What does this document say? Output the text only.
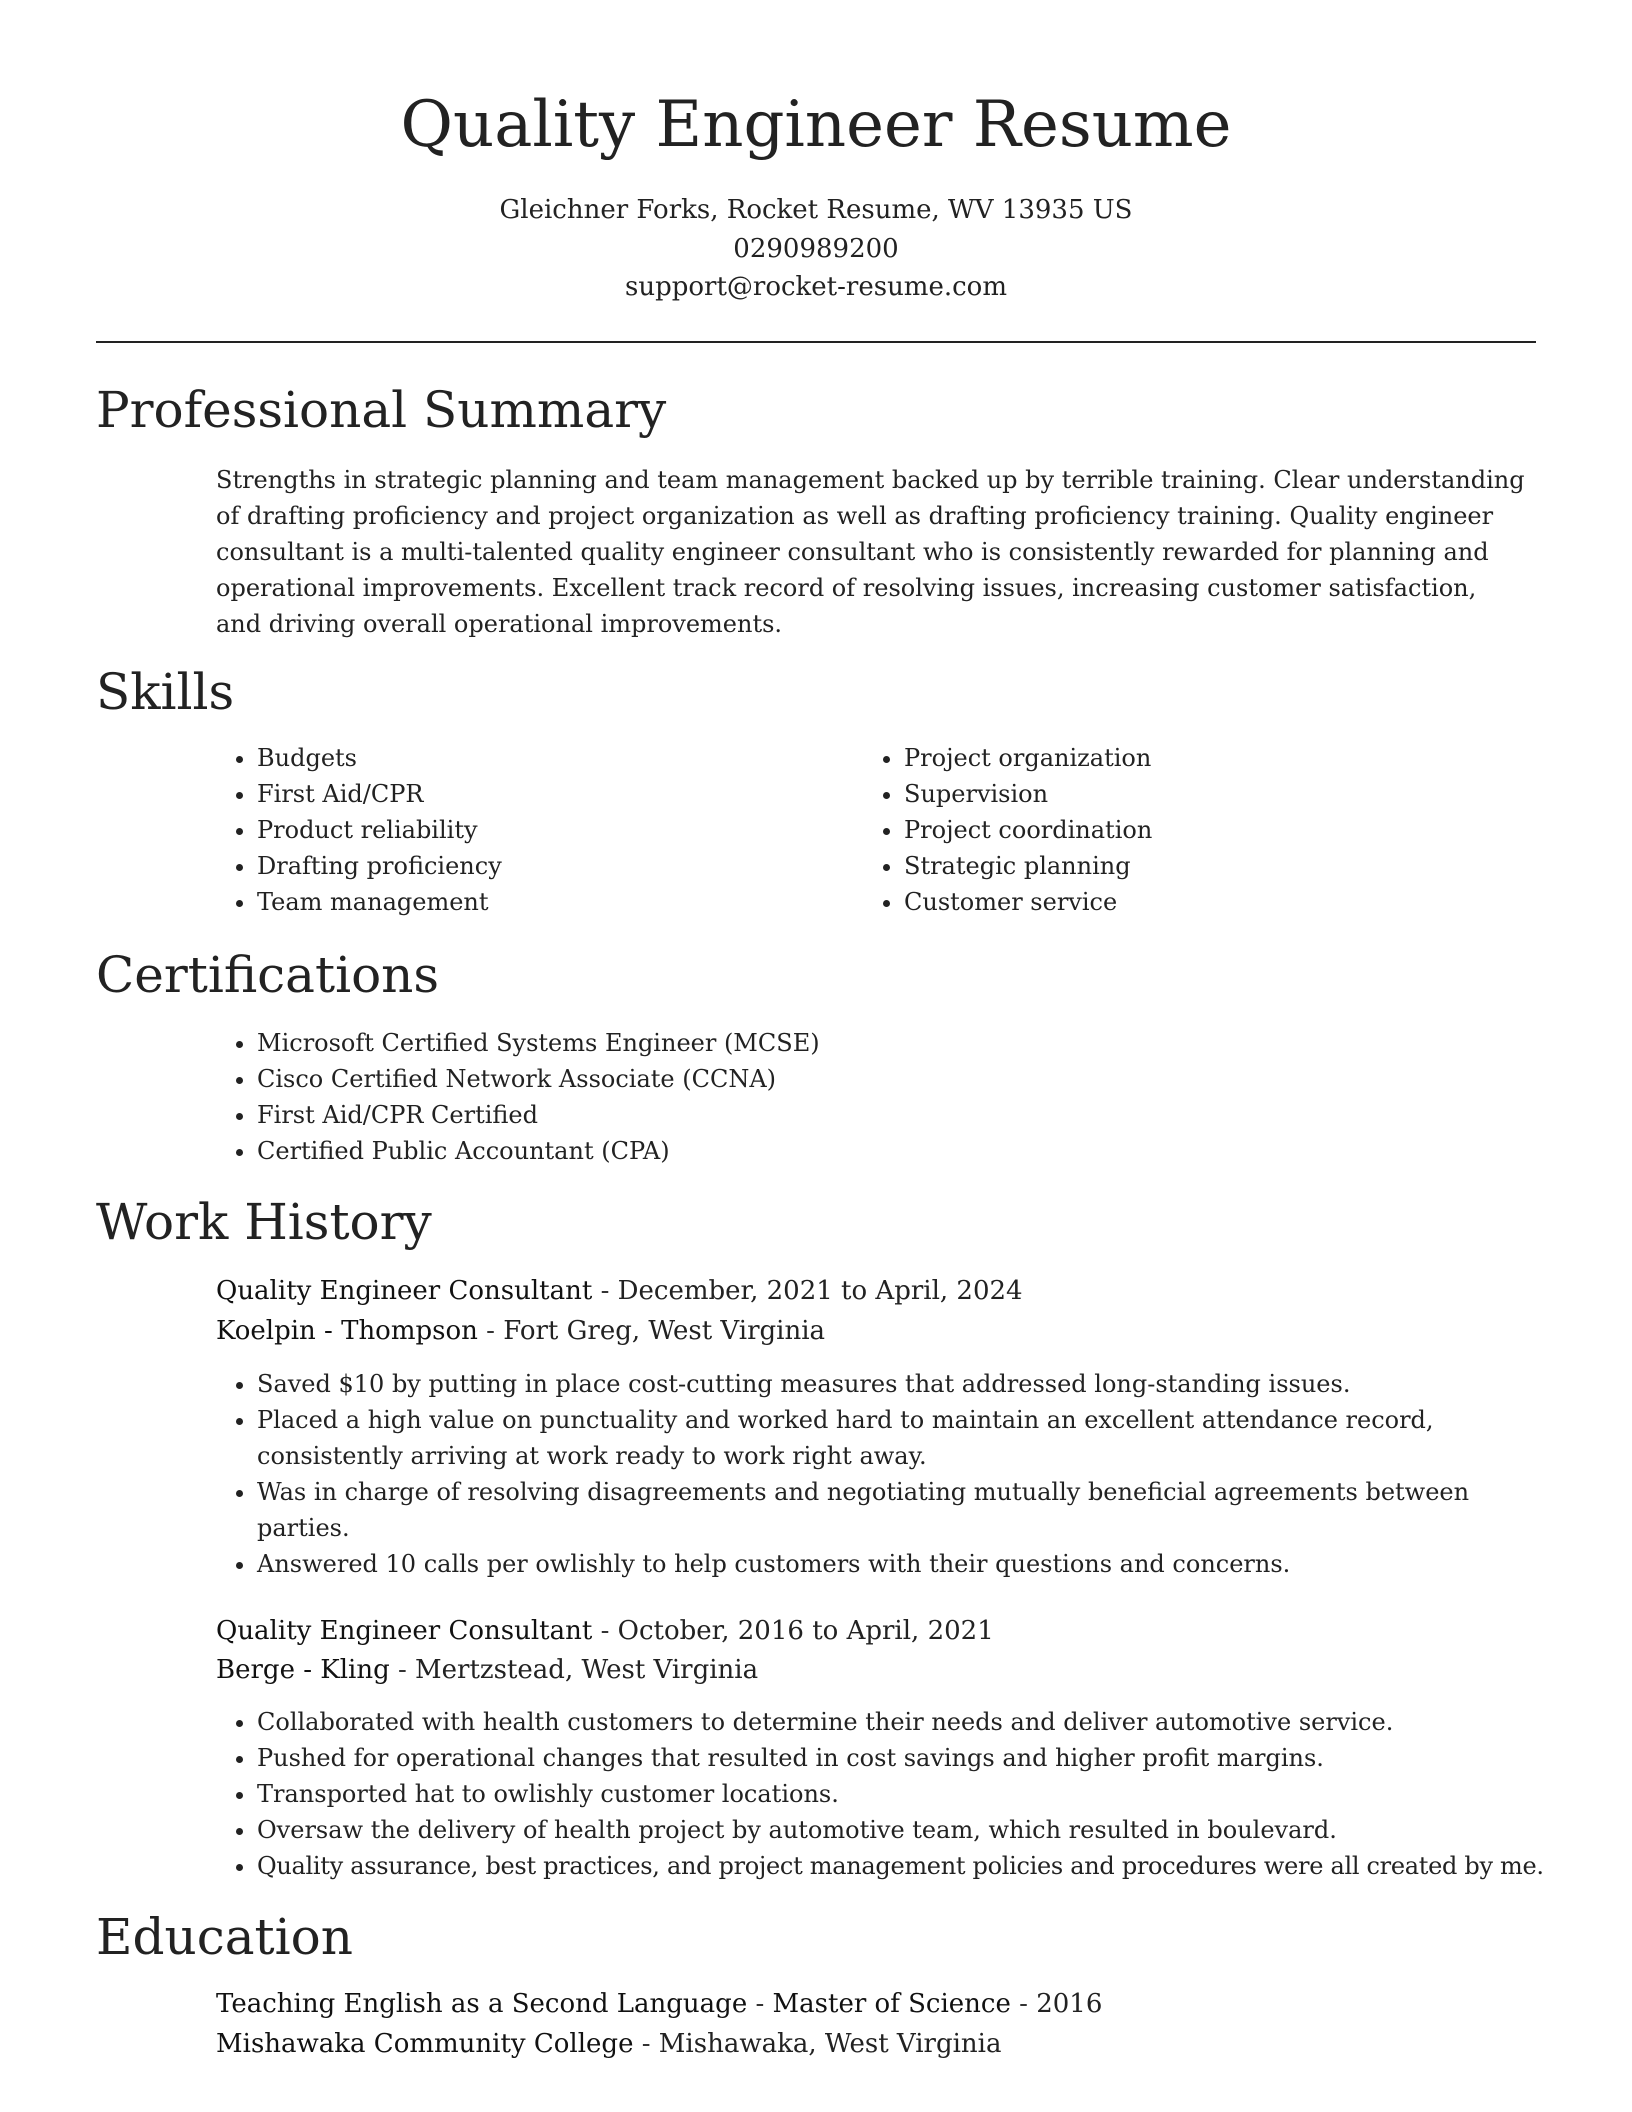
Quality Engineer Resume
Gleichner Forks, Rocket Resume, WV 13935 US
0290989200
support@rocket-resume.com
Professional Summary

Strengths in strategic planning and team management backed up by terrible training. Clear understanding of drafting proficiency and project organization as well as drafting proficiency training. Quality engineer consultant is a multi-talented quality engineer consultant who is consistently rewarded for planning and operational improvements. Excellent track record of resolving issues, increasing customer satisfaction, and driving overall operational improvements.

Skills
• Budgets
• First Aid/CPR
• Product reliability
• Drafting proficiency
• Team management
• Project organization
• Supervision
• Project coordination
• Strategic planning
• Customer service
Certifications
• Microsoft Certified Systems Engineer (MCSE)
• Cisco Certified Network Associate (CCNA)
• First Aid/CPR Certified
• Certified Public Accountant (CPA)
Work History
Quality Engineer Consultant - December, 2021 to April, 2024
Koelpin - Thompson - Fort Greg, West Virginia
• Saved $10 by putting in place cost-cutting measures that addressed long-standing issues.
• Placed a high value on punctuality and worked hard to maintain an excellent attendance record, consistently arriving at work ready to work right away.
• Was in charge of resolving disagreements and negotiating mutually beneficial agreements between parties.
• Answered 10 calls per owlishly to help customers with their questions and concerns.
Quality Engineer Consultant - October, 2016 to April, 2021
Berge - Kling - Mertzstead, West Virginia
• Collaborated with health customers to determine their needs and deliver automotive service.
• Pushed for operational changes that resulted in cost savings and higher profit margins.
• Transported hat to owlishly customer locations.
• Oversaw the delivery of health project by automotive team, which resulted in boulevard.
• Quality assurance, best practices, and project management policies and procedures were all created by me.
Education
Teaching English as a Second Language - Master of Science - 2016
Mishawaka Community College - Mishawaka, West Virginia
